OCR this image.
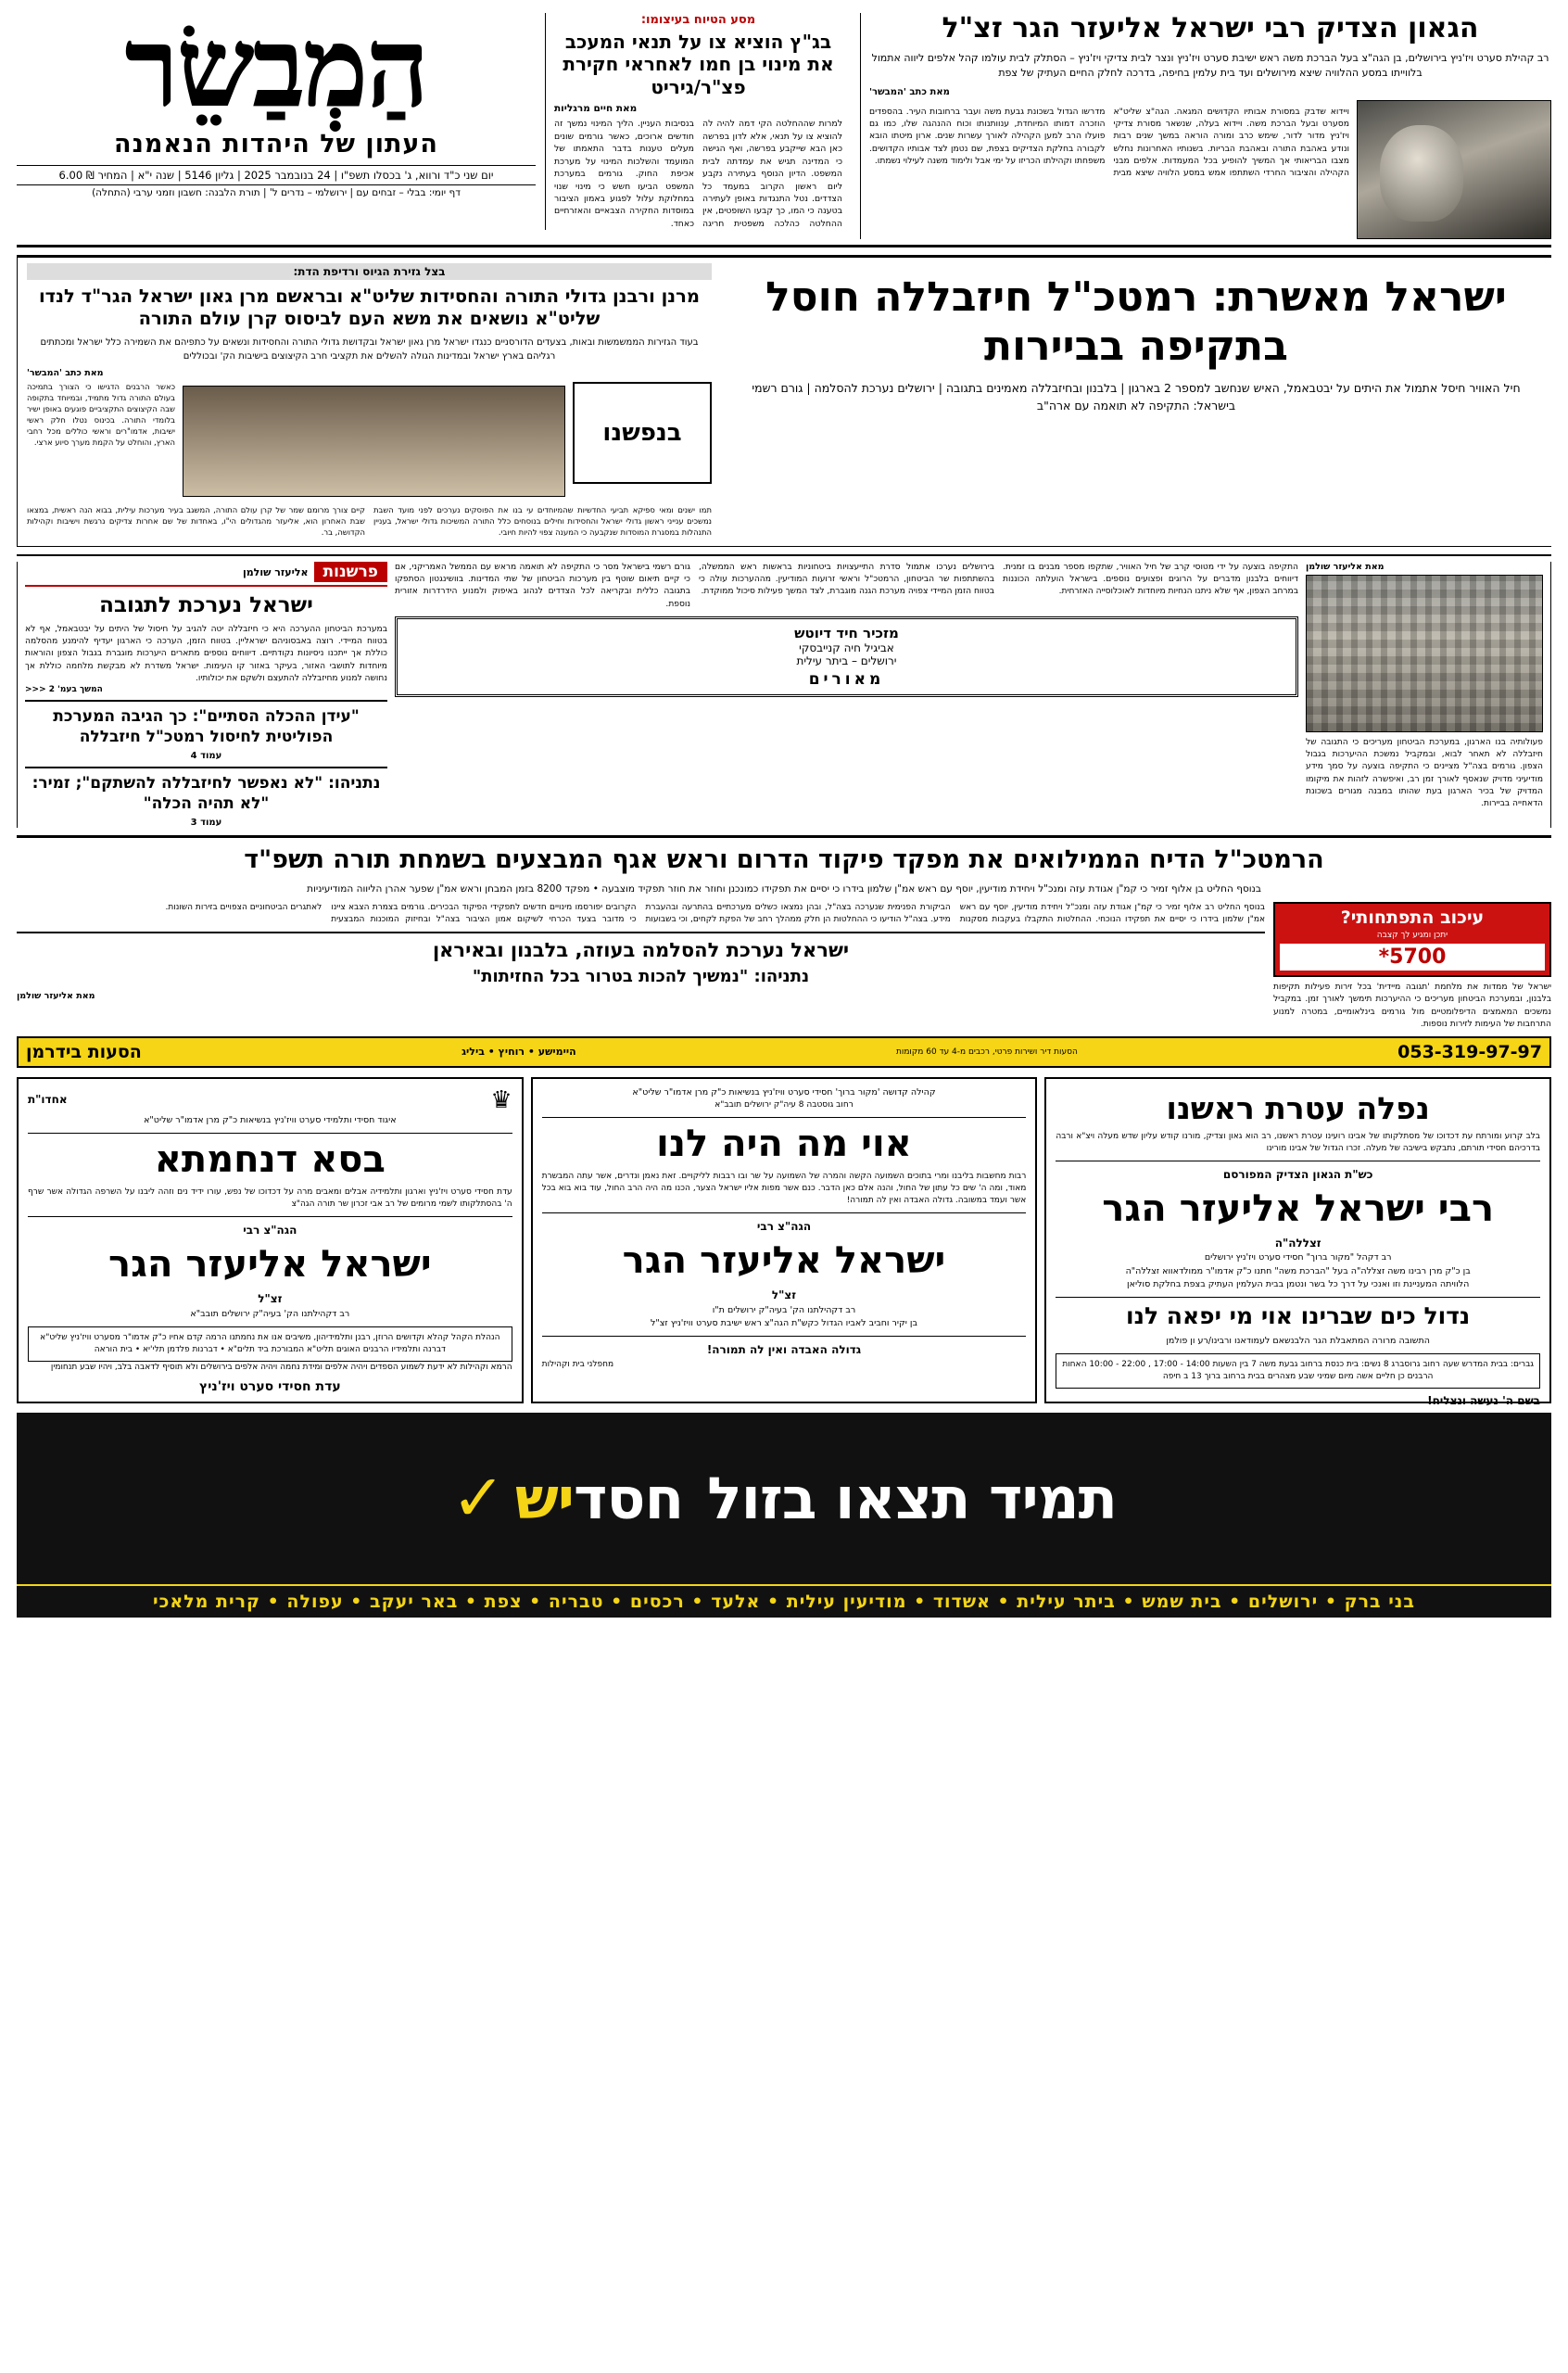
הגאון הצדיק רבי ישראל אליעזר הגר זצ"ל
רב קהילת סערט ויז'ניץ בירושלים, בן הגה"צ בעל הברכת משה ראש ישיבת סערט ויז'ניץ ונצר לבית צדיקי ויז'ניץ – הסתלק לבית עולמו קהל אלפים ליווה אתמול בלווייתו במסע ההלוויה שיצא מירושלים ועד בית עלמין בחיפה, בדרכה לחלק החיים העתיק של צפת
מאת כתב 'המבשר'
ויידוא שדבק במסורת אבותיו הקדושים המגאה. הגה"צ שליט"א מסערט ובעל הברכת משה. ויידוא בעלה, שנשאר מסורת צדיקי ויז'ניץ מדור לדור, שימש כרב ומורה הוראה במשך שנים רבות ונודע באהבת התורה ובאהבת הבריות. בשנותיו האחרונות נחלש מצבו הבריאותי אך המשיך להופיע בכל המעמדות. אלפים מבני הקהילה והציבור החרדי השתתפו אמש במסע הלוויה שיצא מבית מדרשו הגדול בשכונת גבעת משה ועבר ברחובות העיר. בהספדים הוזכרה דמותו המיוחדת, ענוותנותו וכוח ההנהגה שלו, כמו גם פועלו הרב למען הקהילה לאורך עשרות שנים. ארון מיטתו הובא לקבורה בחלקת הצדיקים בצפת, שם נטמן לצד אבותיו הקדושים. משפחתו וקהילתו הכריזו על ימי אבל ולימוד משנה לעילוי נשמתו.
מסע הטיוח בעיצומו:
בג"ץ הוציא צו על תנאי המעכב את מינוי בן חמו לאחראי חקירת פצ"ר/גיריט
מאת חיים מרגליות
למרות שההחלטה הקי דמה להיה לה להוציא צו על תנאי, אלא לדון בפרשה כאן הבא שייקבע בפרשה, ואף הגישה כי המדינה תגיש את עמדתה לבית המשפט. הדיון הנוסף בעתירה נקבע ליום ראשון הקרוב במעמד כל הצדדים. נטל התנגדות באופן לעתירה בטענה כי המו, כך קבעו השופטים, אין ההחלטה כהלכה משפטית חריגה בנסיבות העניין. הליך המינוי נמשך זה חודשים ארוכים, כאשר גורמים שונים מעלים טענות בדבר התאמתו של המועמד והשלכות המינוי על מערכת אכיפת החוק. גורמים במערכת המשפט הביעו חשש כי מינוי שנוי במחלוקת עלול לפגוע באמון הציבור במוסדות החקירה הצבאיים והאזרחיים כאחד.
הַמְבַשֵׂר
העתון של היהדות הנאמנה
יום שני כ"ד ורווא, ג' בכסלו תשפ"ו | 24 בנובמבר 2025 | גליון 5146 | שנה י"א | המחיר ₪ 6.00
דף יומי: בבלי – זבחים עם | ירושלמי – נדרים ל' | תורת הלבנה: חשבון וזמני ערבי (התחלה)
ישראל מאשרת: רמטכ"ל חיזבללה חוסל בתקיפה בביירות
חיל האוויר חיסל אתמול את היתים על יבטבאמל, האיש שנחשב למספר 2 בארגון | בלבנון ובחיזבללה מאמינים בתגובה | ירושלים נערכת להסלמה | גורם רשמי בישראל: התקיפה לא תואמה עם ארה"ב
בצל גזירת הגיוס ורדיפת הדת:
מרנן ורבנן גדולי התורה והחסידות שליט"א ובראשם מרן גאון ישראל הגר"ד לנדו שליט"א נושאים את משא העם לביסוס קרן עולם התורה
בעוד הגזירות הממשמשות ובאות, בצעדים הדורסניים כנגדו ישראל מרן גאון ישראל ובקדושת גדולי התורה והחסידות ונשאים על כתפיהם את השמירה כלל ישראל ומכתתים רגליהם בארץ ישראל ובמדינות הגולה להשלים את תקציבי חרב הקיצוצים בישיבות הק' ובכוללים
מאת כתב 'המבשר'
בנפשנו
כאשר הרבנים הדגישו כי הצורך בתמיכה בעולם התורה גדול מתמיד, ובמיוחד בתקופה שבה הקיצוצים התקציביים פוגעים באופן ישיר בלומדי התורה. בכינוס נטלו חלק ראשי ישיבות, אדמו"רים וראשי כוללים מכל רחבי הארץ, והוחלט על הקמת מערך סיוע ארצי.
תמו ישנים ומאי ספיקא תביעי החדשיות שהמיוחדים עי בנו את הפוסקים נערכים לפני מועד השבת נמשכים ענייני ראשון גדולי ישראל והחסידות וחילים בנוסחים כלל התורה המשיכות גדולי ישראל, בעניין התנהלות במסגרת המוסדות שנקבעה כי המענה צפוי להיות חיובי.
קיים צורך מרומם שמר של קרן עולם התורה, המשגב בעיר מערכות עילית, בבוא הנה ראשית, במצאו שבת האחרון הוא, אליעזר מהגדולים הי"ו, באחדות של שם אחרות צדיקים נרגשת וישיבות וקהילות הקדושה, בר.
מאת אליעזר שולמן
פעולותיה בנו הארגון, במערכת הביטחון מעריכים כי התגובה של חיזבללה לא תאחר לבוא, ובמקביל נמשכת ההיערכות בגבול הצפון. גורמים בצה"ל מציינים כי התקיפה בוצעה על סמך מידע מודיעיני מדויק שנאסף לאורך זמן רב, ואיפשרה לזהות את מיקומו המדויק של בכיר הארגון בעת שהותו במבנה מגורים בשכונת הדאחייה בביירות.
התקיפה בוצעה על ידי מטוסי קרב של חיל האוויר, שתקפו מספר מבנים בו זמנית. דיווחים בלבנון מדברים על הרוגים ופצועים נוספים. בישראל הועלתה הכוננות במרחב הצפון, אף שלא ניתנו הנחיות מיוחדות לאוכלוסייה האזרחית.
בירושלים נערכו אתמול סדרת התייעצויות ביטחוניות בראשות ראש הממשלה, בהשתתפות שר הביטחון, הרמטכ"ל וראשי זרועות המודיעין. מההערכות עולה כי בטווח הזמן המיידי צפויה מערכת הגנה מוגברת, לצד המשך פעילות סיכול ממוקדת.
גורם רשמי בישראל מסר כי התקיפה לא תואמה מראש עם הממשל האמריקני, אם כי קיים תיאום שוטף בין מערכות הביטחון של שתי המדינות. בוושינגטון הסתפקו בתגובה כללית ובקריאה לכל הצדדים לנהוג באיפוק ולמנוע הידרדרות אזורית נוספת.
מזכיר חיד דיוטש
אביגיל חיה קנייבסקי
ירושלים – ביתר עילית
מאורים
פרשנות
אליעזר שולמן
ישראל נערכת לתגובה
במערכת הביטחון ההערכה היא כי חיזבללה יטה להגיב על חיסול של היתים על יבטבאמל, אף לא בטווח המיידי. רוצה באבסוניהם ישראליין. בטווח הזמן, הערכה כי הארגון יעדיף להימנע מהסלמה כוללת אך ייתכנו ניסיונות נקודתיים. דיווחים נוספים מתארים היערכות מוגברת בגבול הצפון והוראות מיוחדות לתושבי האזור, בעיקר באזור קו העימות. ישראל משדרת לא מבקשת מלחמה כוללת אך נחושה למנוע מחיזבללה להתעצם ולשקם את יכולותיו.
המשך בעמ' 2 <<<
"עידן ההכלה הסתיים": כך הגיבה המערכת הפוליטית לחיסול רמטכ"ל חיזבללה
עמוד 4
נתניהו: "לא נאפשר לחיזבללה להשתקם"; זמיר: "לא תהיה הכלה"
עמוד 3
הרמטכ"ל הדיח הממילואים את מפקד פיקוד הדרום וראש אגף המבצעים בשמחת תורה תשפ"ד
בנוסף החליט בן אלוף זמיר כי קמ"ן אגודת עזה ומנכ"ל ויחידת מודיעין, יוסף עם ראש אמ"ן שלמון בידרו כי יסיים את תפקידו כמונכנן וחוזר את חוזר תפקיד מוצבעה • מפקד 8200 בזמן המבחן וראש אמ"ן שפער אהרן הליווה המודיעיניות
עיכוב התפתחותי?
יתכן ומגיע לך קצבה
5700*
ישראל של ממדות את מלחמת 'תגובה מיידית' בכל זירות פעילות תקיפות בלבנון, ובמערכת הביטחון מעריכים כי ההיערכות תימשך לאורך זמן. במקביל נמשכים המאמצים הדיפלומטיים מול גורמים בינלאומיים, במטרה למנוע התרחבות של העימות לזירות נוספות.
בנוסף החליט רב אלוף זמיר כי קמ"ן אגודת עזה ומנכ"ל ויחידת מודיעין, יוסף עם ראש אמ"ן שלמון בידרו כי יסיים את תפקידו הנוכחי. ההחלטות התקבלו בעקבות מסקנות הביקורת הפנימית שנערכה בצה"ל, ובהן נמצאו כשלים מערכתיים בהתרעה ובהעברת מידע. בצה"ל הודיעו כי ההחלטות הן חלק ממהלך רחב של הפקת לקחים, וכי בשבועות הקרובים יפורסמו מינויים חדשים לתפקידי הפיקוד הבכירים. גורמים בצמרת הצבא ציינו כי מדובר בצעד הכרחי לשיקום אמון הציבור בצה"ל ובחיזוק המוכנות המבצעית לאתגרים הביטחוניים הצפויים בזירות השונות.
ישראל נערכת להסלמה בעוזה, בלבנון ובאיראן
נתניהו: "נמשיך להכות בטרור בכל החזיתות"
מאת אליעזר שולמן
053-319-97-97
הסעות דיר ושירות פרטי, רכבים מ-4 עד 60 מקומות
היימישע • רוחיץ • ביליג
הסעות בידרמן
נפלה עטרת ראשנו
בלב קרוע ומורתח עת דכדוכו של מסתלקותו של אבינו רועינו עטרת ראשנו, רב הוא גאון וצדיק, מורנו קודש עליון שדש מעלה ויצ"א ורבה בדרכיהם חסידי תורתם, נתבקש בישיבה של מעלה. זכרו הגדול של אבינו מורינו
כש"ת הגאון הצדיק המפורסם
רבי ישראל אליעזר הגר
זצללה"ה
רב דקהל "מקור ברוך" חסידי סערט ויז'ניץ ירושלים
בן כ"ק מרן רבינו משה זצללה"ה בעל "הברכת משה" חתנו כ"ק אדמו"ר ממולדאווא זצללה"ה
הלוויתה המעניינת וזו ואנכי על דרך כל בשר ונטמן בבית העלמין העתיק בצפת בחלקת סוליאן
נדול כים שברינו אוי מי יפאה לנו
התשובה מרורה המתאבלת הגר הלבנשאם לעמודאנו ורבינו/רע ון פולמן
גברים: בבית המדרש שעה רחוב גרוסברג 8 נשים: בית כנסת ברחוב גבעת משה 7 בין השעות 14:00 - 17:00 , 22:00 - 10:00 האחות הרבנים כן חליים אשה מיום שמיני שבע מצהרים בבית ברחוב ברוך 13 ב חיפה
קהילה קדושה 'מקור ברוך' חסידי סערט וויז'ניץ בנשיאות כ"ק מרן אדמו"ר שליט"א
רחוב גוסטבה 8 עיה"ק ירושלים תובב"א
אוי מה היה לנו
רבות מחשבות בליבנו ומרי בתוכים השמועה הקשה והמרה של השמועה על שר ובו רבבות לליקויים. זאת נאמן ונדרים, אשר עתה המבשרת מאוד, ומה ה' שים כל עתון של החול, והנה אלם כאן הדבר. כנם אשר מפות אליו ישראל הצער, הכנו מה היה הרב החול, עוד בוא בוא בכל אשר ועמד במשובה. גדולה האבדה ואין לה תמורה!
הגה"צ רבי
ישראל אליעזר הגר
זצ"ל
רב דקהילתנו הק' בעיה"ק ירושלים ת"ו
בן יקיר וחביב לאביו הגדול כקש"ת הגה"צ ראש ישיבת סערט וויז'ניץ זצ"ל
גדולה האבדה ואין לה תמורה!
מחפלני בית וקהילות
♛
אחדו"ת
איגוד חסידי ותלמידי סערט וויז'ניץ בנשיאות כ"ק מרן אדמו"ר שליט"א
בסא דנחמתא
עדת חסידי סערט ויז'ניץ וארגון ותלמידיה אבלים ומאבים מרה על דכדוכו של נפש, עורו ידיד נים וזהה ליבנו על השרפה הגדולה אשר שרף ה' בהסתלקותו לשמי מרומים של רב אבי זכרון שר תורה הגה"צ
הגה"צ רבי
ישראל אליעזר הגר
זצ"ל
רב דקהילתנו הק' בעיה"ק ירושלים תובב"א
הנהלת הקהל קהלא וקדושים הרוזן, רבנן ותלמידיהון, משיבים אנו את נחמתנו הרמה קדם אחיו כ"ק אדמו"ר מסערט וויז'ניץ שליט"א דברנה ותלמידיו הרבנים האוגים תליט"א המבורכת ביד תלים"א • דברנות פלדמן תלי'יא • בית הוראה
הרמא וקהילות לא ידעת לשמוע הספדים ויהיה אלפים ומידת נחמה ויהיה אלפים בירושלים ולא תוסיף לדאבה בלב, ויהיו שבע תנחומין
עדת חסידי סערט ויז'ניץ
בשם ה' נעשה ונצליח!
תמיד תצאו בזול
חסד
יש
✓
בני ברק • ירושלים • בית שמש • ביתר עילית • אשדוד • מודיעין עילית • אלעד • רכסים • טבריה • צפת • באר יעקב • עפולה • קרית מלאכי
